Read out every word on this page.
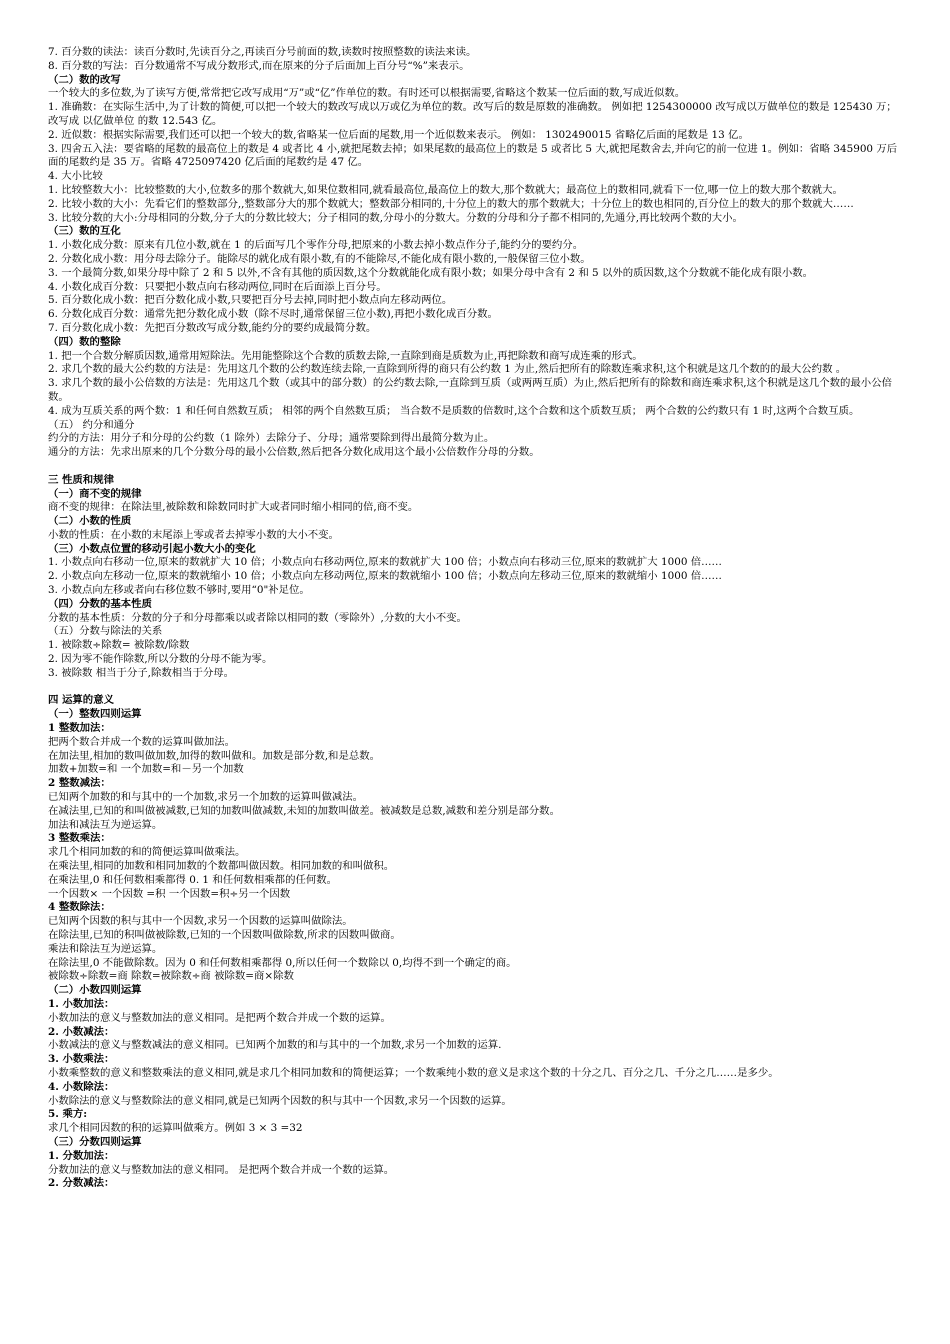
7. 百分数的读法：读百分数时,先读百分之,再读百分号前面的数,读数时按照整数的读法来读。
8. 百分数的写法：百分数通常不写成分数形式,而在原来的分子后面加上百分号“%”来表示。
（二）数的改写
一个较大的多位数,为了读写方便,常常把它改写成用“万”或“亿”作单位的数。有时还可以根据需要,省略这个数某一位后面的数,写成近似数。
1. 准确数：在实际生活中,为了计数的简便,可以把一个较大的数改写成以万或亿为单位的数。改写后的数是原数的准确数。 例如把 1254300000 改写成以万做单位的数是 125430 万；改写成 以亿做单位 的数 12.543 亿。
2. 近似数：根据实际需要,我们还可以把一个较大的数,省略某一位后面的尾数,用一个近似数来表示。 例如： 1302490015 省略亿后面的尾数是 13 亿。
3. 四舍五入法：要省略的尾数的最高位上的数是 4 或者比 4 小,就把尾数去掉；如果尾数的最高位上的数是 5 或者比 5 大,就把尾数舍去,并向它的前一位进 1。例如：省略 345900 万后面的尾数约是 35 万。省略 4725097420 亿后面的尾数约是 47 亿。
4. 大小比较
1. 比较整数大小：比较整数的大小,位数多的那个数就大,如果位数相同,就看最高位,最高位上的数大,那个数就大；最高位上的数相同,就看下一位,哪一位上的数大那个数就大。
2. 比较小数的大小：先看它们的整数部分,,整数部分大的那个数就大；整数部分相同的,十分位上的数大的那个数就大；十分位上的数也相同的,百分位上的数大的那个数就大……
3. 比较分数的大小:分母相同的分数,分子大的分数比较大；分子相同的数,分母小的分数大。分数的分母和分子都不相同的,先通分,再比较两个数的大小。
（三）数的互化
1. 小数化成分数：原来有几位小数,就在 1 的后面写几个零作分母,把原来的小数去掉小数点作分子,能约分的要约分。
2. 分数化成小数：用分母去除分子。能除尽的就化成有限小数,有的不能除尽,不能化成有限小数的,一般保留三位小数。
3. 一个最简分数,如果分母中除了 2 和 5 以外,不含有其他的质因数,这个分数就能化成有限小数；如果分母中含有 2 和 5 以外的质因数,这个分数就不能化成有限小数。
4. 小数化成百分数：只要把小数点向右移动两位,同时在后面添上百分号。
5. 百分数化成小数：把百分数化成小数,只要把百分号去掉,同时把小数点向左移动两位。
6. 分数化成百分数：通常先把分数化成小数（除不尽时,通常保留三位小数),再把小数化成百分数。
7. 百分数化成小数：先把百分数改写成分数,能约分的要约成最简分数。
（四）数的整除
1. 把一个合数分解质因数,通常用短除法。先用能整除这个合数的质数去除,一直除到商是质数为止,再把除数和商写成连乘的形式。
2. 求几个数的最大公约数的方法是：先用这几个数的公约数连续去除,一直除到所得的商只有公约数 1 为止,然后把所有的除数连乘求积,这个积就是这几个数的的最大公约数 。
3. 求几个数的最小公倍数的方法是：先用这几个数（或其中的部分数）的公约数去除,一直除到互质（或两两互质）为止,然后把所有的除数和商连乘求积,这个积就是这几个数的最小公倍数。
4. 成为互质关系的两个数：1 和任何自然数互质； 相邻的两个自然数互质； 当合数不是质数的倍数时,这个合数和这个质数互质； 两个合数的公约数只有 1 时,这两个合数互质。
（五） 约分和通分
约分的方法：用分子和分母的公约数（1 除外）去除分子、分母；通常要除到得出最简分数为止。
通分的方法：先求出原来的几个分数分母的最小公倍数,然后把各分数化成用这个最小公倍数作分母的分数。
三 性质和规律
（一）商不变的规律
商不变的规律：在除法里,被除数和除数同时扩大或者同时缩小相同的倍,商不变。
（二）小数的性质
小数的性质：在小数的末尾添上零或者去掉零小数的大小不变。
（三）小数点位置的移动引起小数大小的变化
1. 小数点向右移动一位,原来的数就扩大 10 倍；小数点向右移动两位,原来的数就扩大 100 倍；小数点向右移动三位,原来的数就扩大 1000 倍……
2. 小数点向左移动一位,原来的数就缩小 10 倍；小数点向左移动两位,原来的数就缩小 100 倍；小数点向左移动三位,原来的数就缩小 1000 倍……
3. 小数点向左移或者向右移位数不够时,要用“0"补足位。
（四）分数的基本性质
分数的基本性质：分数的分子和分母都乘以或者除以相同的数（零除外）,分数的大小不变。
（五）分数与除法的关系
1. 被除数÷除数= 被除数/除数
2. 因为零不能作除数,所以分数的分母不能为零。
3. 被除数 相当于分子,除数相当于分母。
四 运算的意义
（一）整数四则运算
1 整数加法：
把两个数合并成一个数的运算叫做加法。
在加法里,相加的数叫做加数,加得的数叫做和。加数是部分数,和是总数。
加数+加数=和 一个加数=和－另一个加数
2 整数减法：
已知两个加数的和与其中的一个加数,求另一个加数的运算叫做减法。
在减法里,已知的和叫做被减数,已知的加数叫做减数,未知的加数叫做差。被减数是总数,减数和差分别是部分数。
加法和减法互为逆运算。
3 整数乘法：
求几个相同加数的和的简便运算叫做乘法。
在乘法里,相同的加数和相同加数的个数都叫做因数。相同加数的和叫做积。
在乘法里,0 和任何数相乘都得 0. 1 和任何数相乘都的任何数。
一个因数× 一个因数 =积 一个因数=积÷另一个因数
4 整数除法：
已知两个因数的积与其中一个因数,求另一个因数的运算叫做除法。
在除法里,已知的积叫做被除数,已知的一个因数叫做除数,所求的因数叫做商。
乘法和除法互为逆运算。
在除法里,0 不能做除数。因为 0 和任何数相乘都得 0,所以任何一个数除以 0,均得不到一个确定的商。
被除数÷除数=商 除数=被除数÷商 被除数=商×除数
（二）小数四则运算
1. 小数加法：
小数加法的意义与整数加法的意义相同。是把两个数合并成一个数的运算。
2. 小数减法：
小数减法的意义与整数减法的意义相同。已知两个加数的和与其中的一个加数,求另一个加数的运算.
3. 小数乘法：
小数乘整数的意义和整数乘法的意义相同,就是求几个相同加数和的简便运算；一个数乘纯小数的意义是求这个数的十分之几、百分之几、千分之几……是多少。
4. 小数除法：
小数除法的意义与整数除法的意义相同,就是已知两个因数的积与其中一个因数,求另一个因数的运算。
5. 乘方:
求几个相同因数的积的运算叫做乘方。例如 3 × 3 =32
（三）分数四则运算
1. 分数加法：
分数加法的意义与整数加法的意义相同。 是把两个数合并成一个数的运算。
2. 分数减法：
